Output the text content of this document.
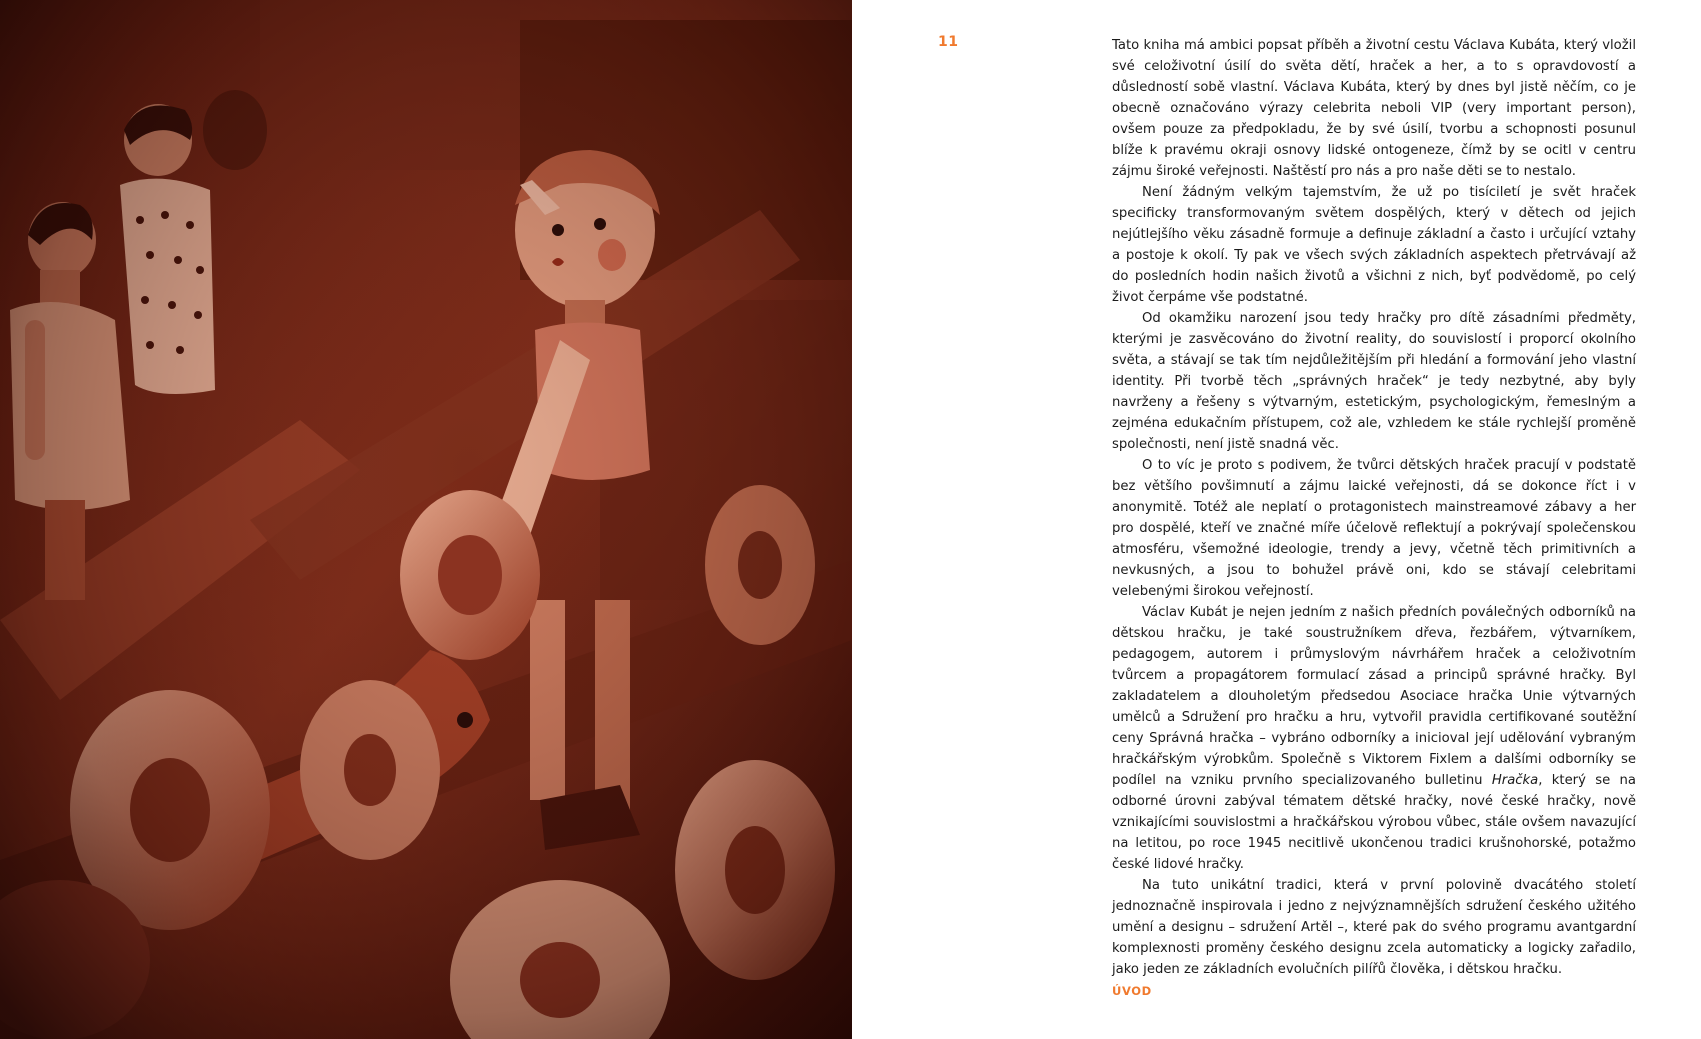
11	Tato kniha má ambici popsat příběh a životní cestu Václava Kubáta, který vložil své celoživotní úsilí do světa dětí, hraček a her, a to s opravdovostí a důsledností sobě vlastní. Václava Kubáta, který by dnes byl jistě něčím, co je obecně označováno výrazy celebrita neboli VIP (very important person), ovšem pouze za předpokladu, že by své úsilí, tvorbu a schopnosti posunul blíže k pravému okraji osnovy lidské ontogeneze, čímž by se ocitl v centru zájmu široké veřejnosti. Naštěstí pro nás a pro naše děti se to nestalo.

Není žádným velkým tajemstvím, že už po tisíciletí je svět hraček specificky transformovaným světem dospělých, který v dětech od jejich nejútlejšího věku zásadně formuje a definuje základní a často i určující vztahy a postoje k okolí. Ty pak ve všech svých základních aspektech přetrvávají až do posledních hodin našich životů a všichni z nich, byť podvědomě, po celý život čerpáme vše podstatné.

Od okamžiku narození jsou tedy hračky pro dítě zásadními předměty, kterými je zasvěcováno do životní reality, do souvislostí i proporcí okolního světa, a stávají se tak tím nejdůležitějším při hledání a formování jeho vlastní identity. Při tvorbě těch „správných hraček“ je tedy nezbytné, aby byly navrženy a řešeny s výtvarným, estetickým, psychologickým, řemeslným a zejména edukačním přístupem, což ale, vzhledem ke stále rychlejší proměně společnosti, není jistě snadná věc.

O to víc je proto s podivem, že tvůrci dětských hraček pracují v podstatě bez většího povšimnutí a zájmu laické veřejnosti, dá se dokonce říct i v anonymitě. Totéž ale neplatí o protagonistech mainstreamové zábavy a her pro dospělé, kteří ve značné míře účelově reflektují a pokrývají společenskou atmosféru, všemožné ideologie, trendy a jevy, včetně těch primitivních a nevkusných, a jsou to bohužel právě oni, kdo se stávají celebritami velebenými širokou veřejností.

Václav Kubát je nejen jedním z našich předních poválečných odborníků na dětskou hračku, je také soustružníkem dřeva, řezbářem, výtvarníkem, pedagogem, autorem i průmyslovým návrhářem hraček a celoživotním tvůrcem a propagátorem formulací zásad a principů správné hračky. Byl zakladatelem a dlouholetým předsedou Asociace hračka Unie výtvarných umělců a Sdružení pro hračku a hru, vytvořil pravidla certifikované soutěžní ceny Správná hračka – vybráno odborníky a inicioval její udělování vybraným hračkářským výrobkům. Společně s Viktorem Fixlem a dalšími odborníky se podílel na vzniku prvního specializovaného bulletinu Hračka, který se na odborné úrovni zabýval tématem dětské hračky, nové české hračky, nově vznikajícími souvislostmi a hračkářskou výrobou vůbec, stále ovšem navazující na letitou, po roce 1945 necitlivě ukončenou tradici krušnohorské, potažmo české lidové hračky.

Na tuto unikátní tradici, která v první polovině dvacátého století jednoznačně inspirovala i jedno z nejvýznamnějších sdružení českého užitého umění a designu – sdružení Artěl –, které pak do svého programu avantgardní komplexnosti proměny českého designu zcela automaticky a logicky zařadilo, jako jeden ze základních evolučních pilířů člověka, i dětskou hračku.

ÚVOD
